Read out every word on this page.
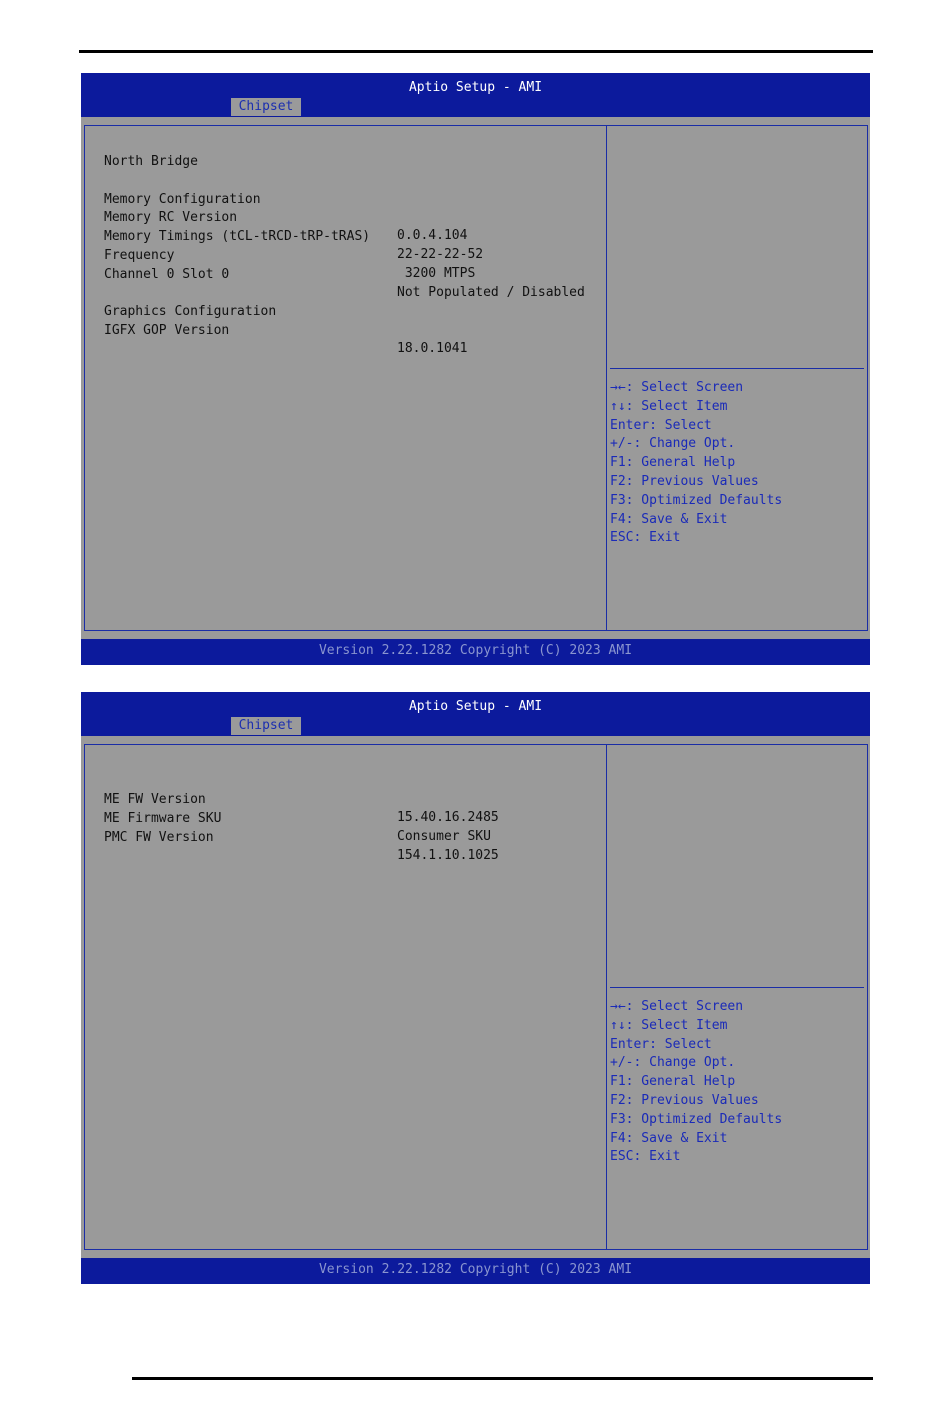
Aptio Setup - AMI
Chipset

North Bridge

Memory Configuration

Memory RC Version

0.0.4.104

Memory Timings (tCL-tRCD-tRP-tRAS)

22-22-22-52

Frequency

3200 MTPS

Channel 0 Slot 0

Not Populated / Disabled

Graphics Configuration

IGFX GOP Version

18.0.1041

→←: Select Screen
↑↓: Select Item
Enter: Select
+/-: Change Opt.
F1: General Help
F2: Previous Values
F3: Optimized Defaults
F4: Save & Exit
ESC: Exit
Version 2.22.1282 Copyright (C) 2023 AMI
Aptio Setup - AMI
Chipset

ME FW Version

15.40.16.2485

ME Firmware SKU

Consumer SKU

PMC FW Version

154.1.10.1025

→←: Select Screen
↑↓: Select Item
Enter: Select
+/-: Change Opt.
F1: General Help
F2: Previous Values
F3: Optimized Defaults
F4: Save & Exit
ESC: Exit
Version 2.22.1282 Copyright (C) 2023 AMI
